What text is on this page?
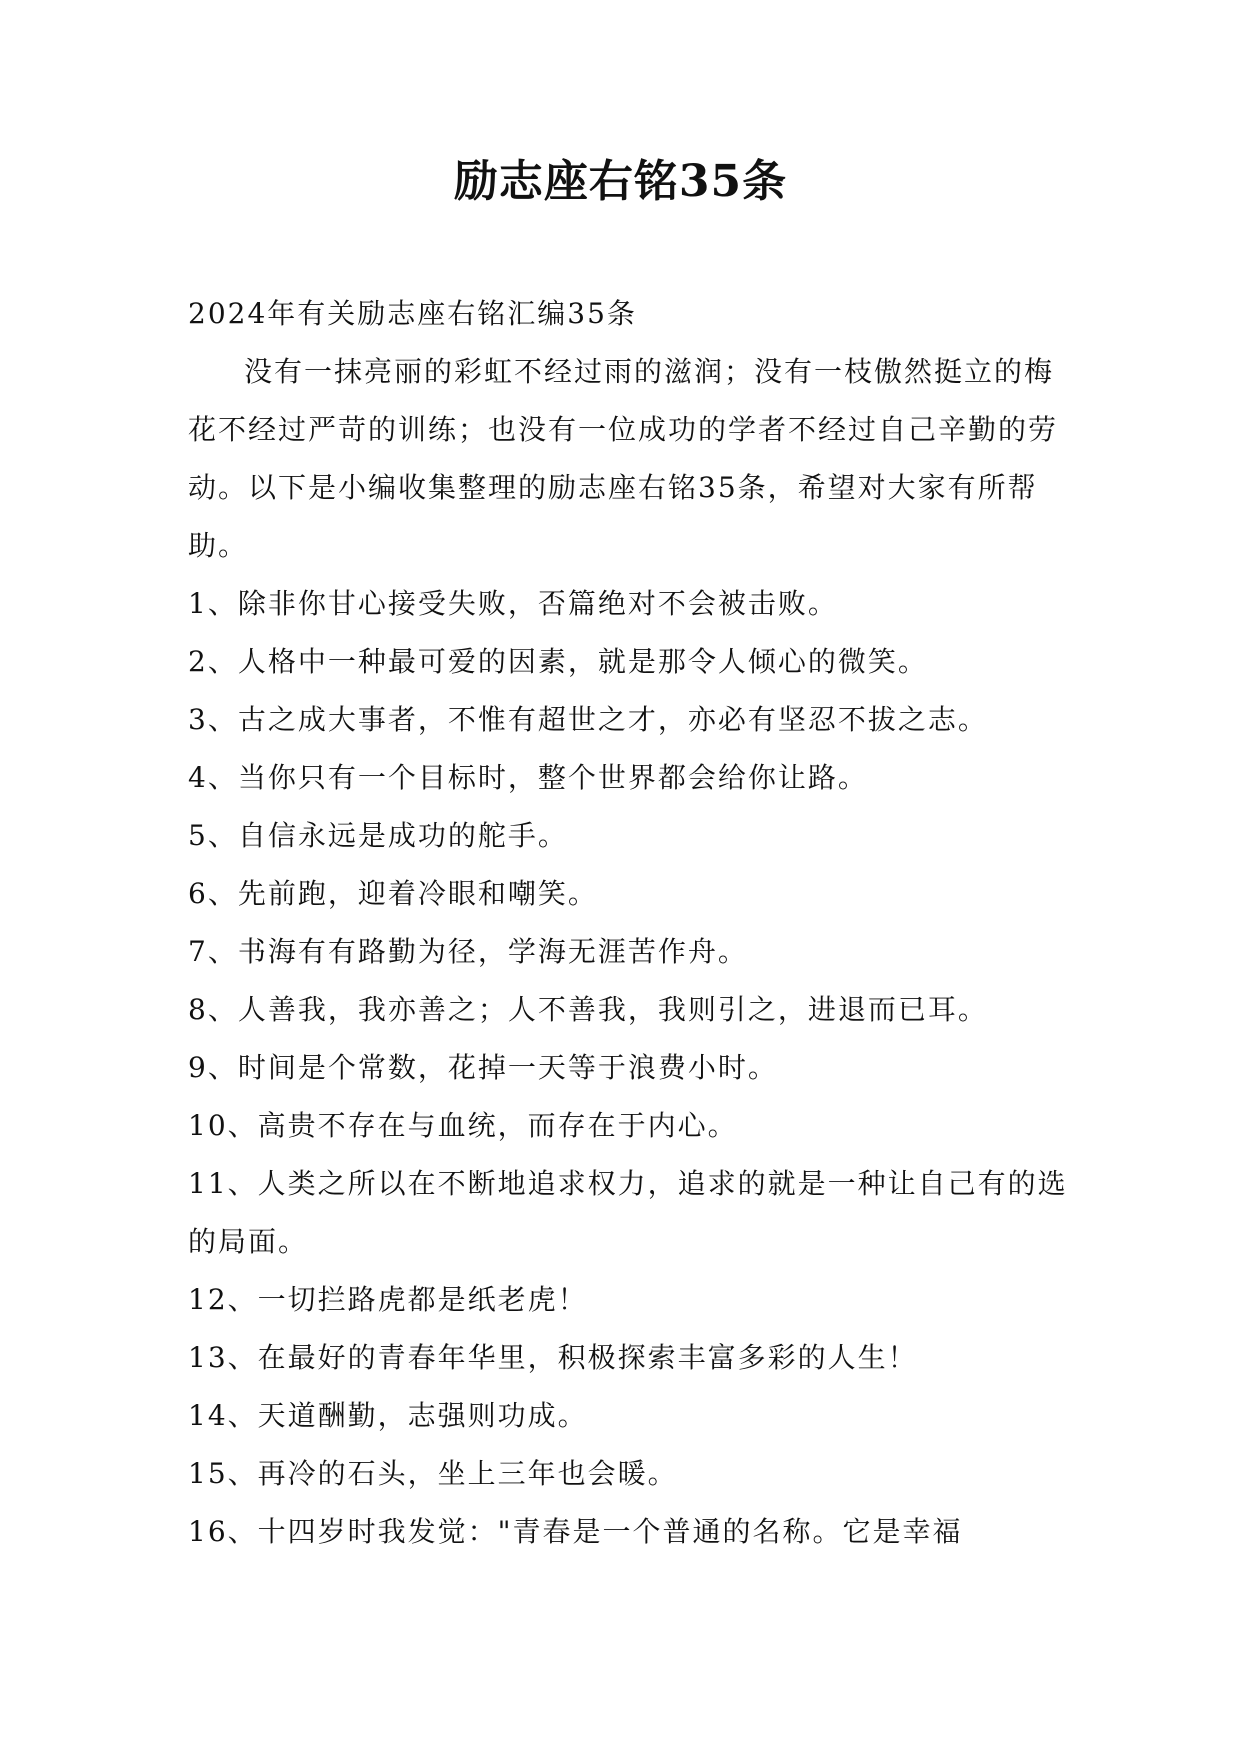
励志座右铭35条

2024年有关励志座右铭汇编35条

没有一抹亮丽的彩虹不经过雨的滋润；没有一枝傲然挺立的梅花不经过严苛的训练；也没有一位成功的学者不经过自己辛勤的劳动。以下是小编收集整理的励志座右铭35条，希望对大家有所帮助。

1、除非你甘心接受失败，否篇绝对不会被击败。

2、人格中一种最可爱的因素，就是那令人倾心的微笑。

3、古之成大事者，不惟有超世之才，亦必有坚忍不拔之志。

4、当你只有一个目标时，整个世界都会给你让路。

5、自信永远是成功的舵手。

6、先前跑，迎着冷眼和嘲笑。

7、书海有有路勤为径，学海无涯苦作舟。

8、人善我，我亦善之；人不善我，我则引之，进退而已耳。

9、时间是个常数，花掉一天等于浪费小时。

10、高贵不存在与血统，而存在于内心。

11、人类之所以在不断地追求权力，追求的就是一种让自己有的选的局面。

12、一切拦路虎都是纸老虎！

13、在最好的青春年华里，积极探索丰富多彩的人生！

14、天道酬勤，志强则功成。

15、再冷的石头，坐上三年也会暖。

16、十四岁时我发觉："青春是一个普通的名称。它是幸福
